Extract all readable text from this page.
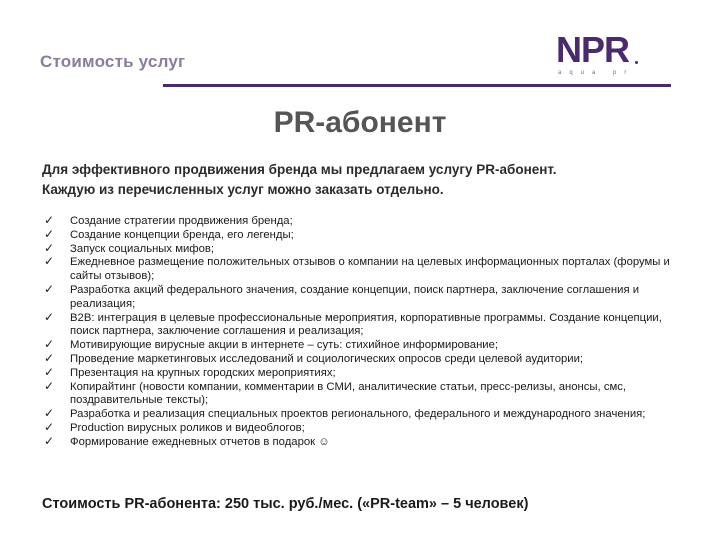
Стоимость услуг	NPR
aqua pr
PR-абонент
Для эффективного продвижения бренда мы предлагаем услугу PR-абонент.
Каждую из перечисленных услуг можно заказать отдельно.
✓ Создание стратегии продвижения бренда;
✓ Создание концепции бренда, его легенды;
✓ Запуск социальных мифов;
✓ Ежедневное размещение положительных отзывов о компании на целевых информационных порталах (форумы и сайты отзывов);
✓ Разработка акций федерального значения, создание концепции, поиск партнера, заключение соглашения и реализация;
✓ B2B: интеграция в целевые профессиональные мероприятия, корпоративные программы. Создание концепции, поиск партнера, заключение соглашения и реализация;
✓ Мотивирующие вирусные акции в интернете – суть: стихийное информирование;
✓ Проведение маркетинговых исследований и социологических опросов среди целевой аудитории;
✓ Презентация на крупных городских мероприятиях;
✓ Копирайтинг (новости компании, комментарии в СМИ, аналитические статьи, пресс-релизы, анонсы, смс, поздравительные тексты);
✓ Разработка и реализация специальных проектов регионального, федерального и международного значения;
✓ Production вирусных роликов и видеоблогов;
✓ Формирование ежедневных отчетов в подарок ☺
Стоимость PR-абонента: 250 тыс. руб./мес. («PR-team» – 5 человек)
